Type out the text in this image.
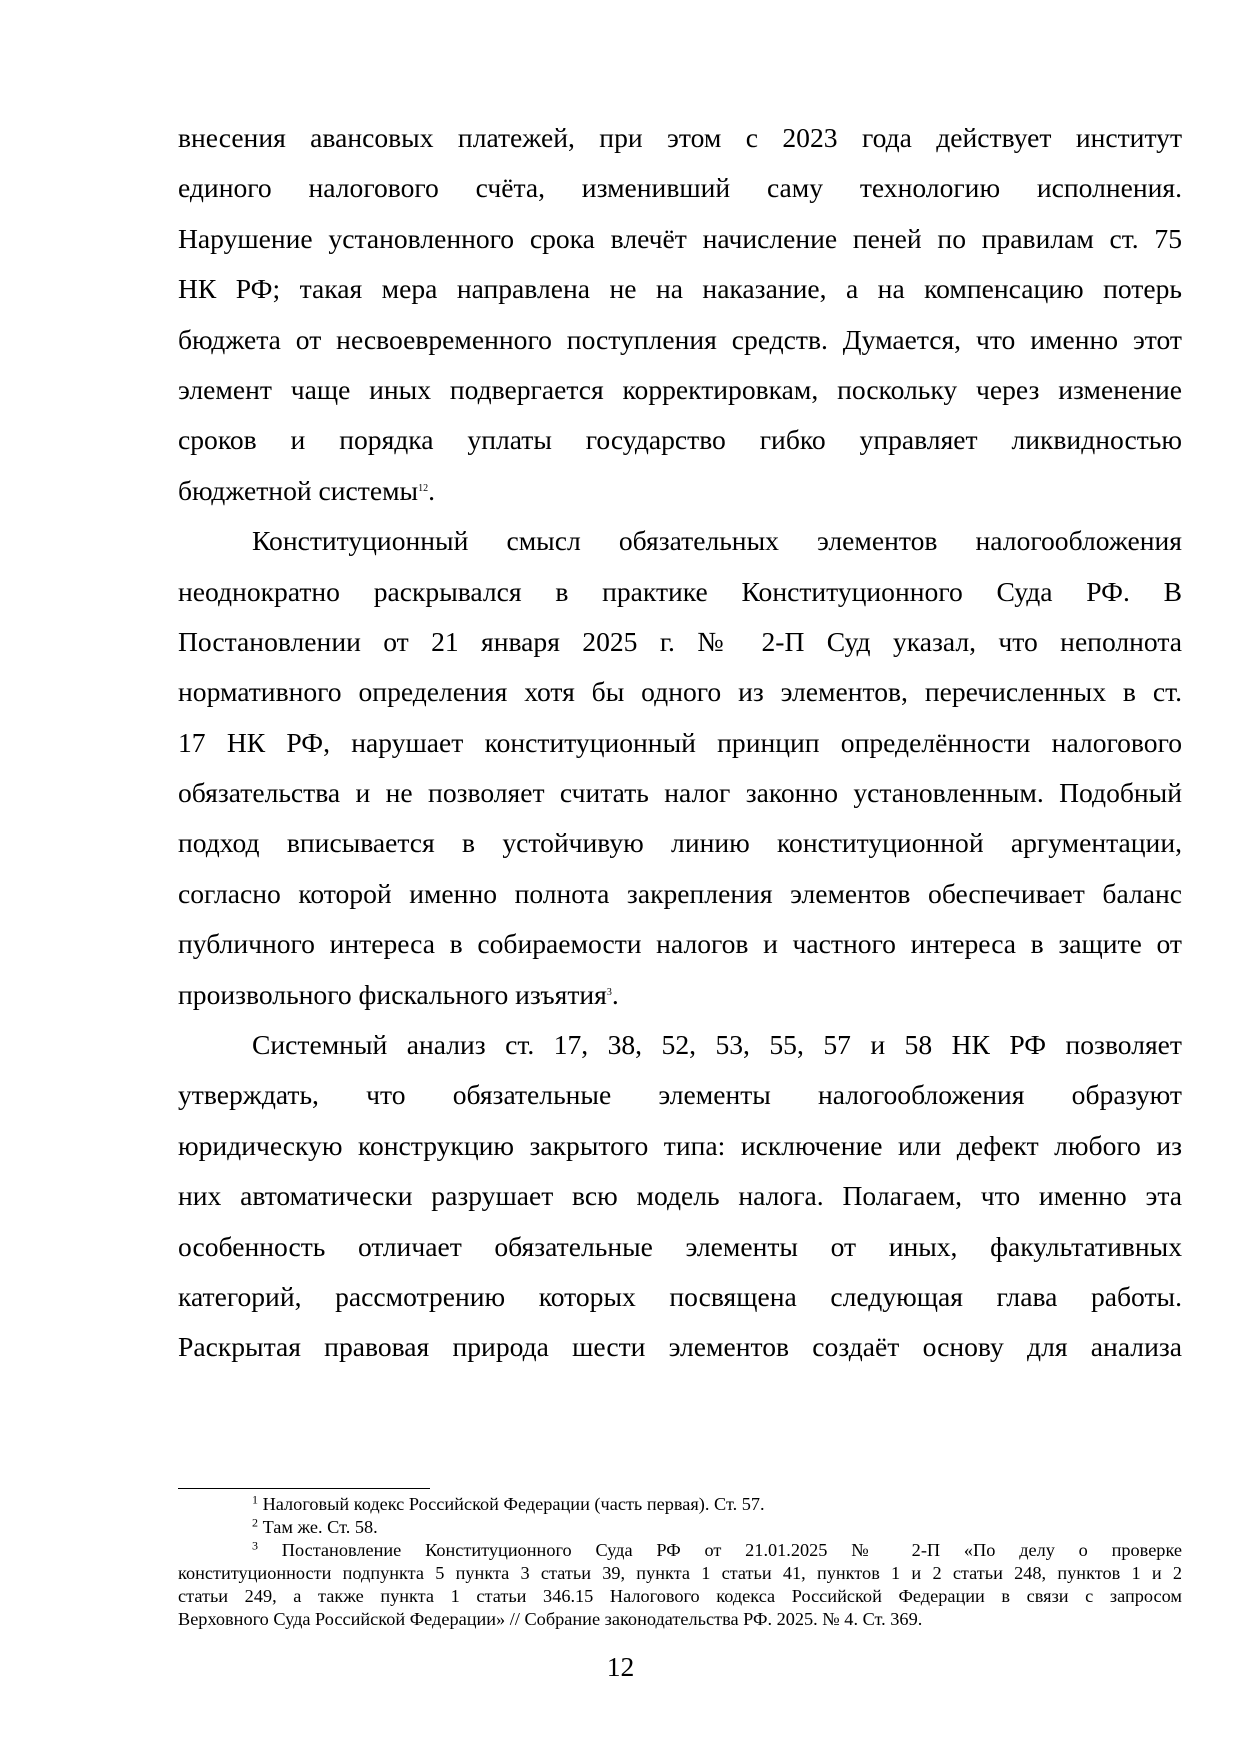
внесения авансовых платежей, при этом с 2023 года действует институт
единого налогового счёта, изменивший саму технологию исполнения.
Нарушение установленного срока влечёт начисление пеней по правилам ст. 75
НК РФ; такая мера направлена не на наказание, а на компенсацию потерь
бюджета от несвоевременного поступления средств. Думается, что именно этот
элемент чаще иных подвергается корректировкам, поскольку через изменение
сроков и порядка уплаты государство гибко управляет ликвидностью
бюджетной системы$^{12}$.

Конституционный смысл обязательных элементов налогообложения
неоднократно раскрывался в практике Конституционного Суда РФ. В
Постановлении от 21 января 2025 г. № 2-П Суд указал, что неполнота
нормативного определения хотя бы одного из элементов, перечисленных в ст.
17 НК РФ, нарушает конституционный принцип определённости налогового
обязательства и не позволяет считать налог законно установленным. Подобный
подход вписывается в устойчивую линию конституционной аргументации,
согласно которой именно полнота закрепления элементов обеспечивает баланс
публичного интереса в собираемости налогов и частного интереса в защите от
произвольного фискального изъятия$^3$.

Системный анализ ст. 17, 38, 52, 53, 55, 57 и 58 НК РФ позволяет
утверждать, что обязательные элементы налогообложения образуют
юридическую конструкцию закрытого типа: исключение или дефект любого из
них автоматически разрушает всю модель налога. Полагаем, что именно эта
особенность отличает обязательные элементы от иных, факультативных
категорий, рассмотрению которых посвящена следующая глава работы.
Раскрытая правовая природа шести элементов создаёт основу для анализа

$^1$ Налоговый кодекс Российской Федерации (часть первая). Ст. 57.
$^2$ Там же. Ст. 58.
$^3$ Постановление Конституционного Суда РФ от 21.01.2025 № 2-П «По делу о проверке
конституционности подпункта 5 пункта 3 статьи 39, пункта 1 статьи 41, пунктов 1 и 2 статьи 248, пунктов 1 и 2
статьи 249, а также пункта 1 статьи 346.15 Налогового кодекса Российской Федерации в связи с запросом
Верховного Суда Российской Федерации» // Собрание законодательства РФ. 2025. № 4. Ст. 369.
12
